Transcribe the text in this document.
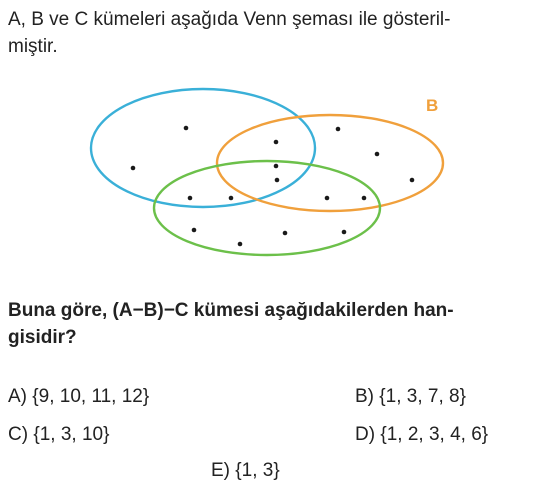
A, B ve C kümeleri aşağıda Venn şeması ile gösteril-
miştir.

B

Buna göre, (A−B)−C kümesi aşağıdakilerden han-
gisidir?

A) {9, 10, 11, 12}	B) {1, 3, 7, 8}
C) {1, 3, 10}	D) {1, 2, 3, 4, 6}
E) {1, 3}
